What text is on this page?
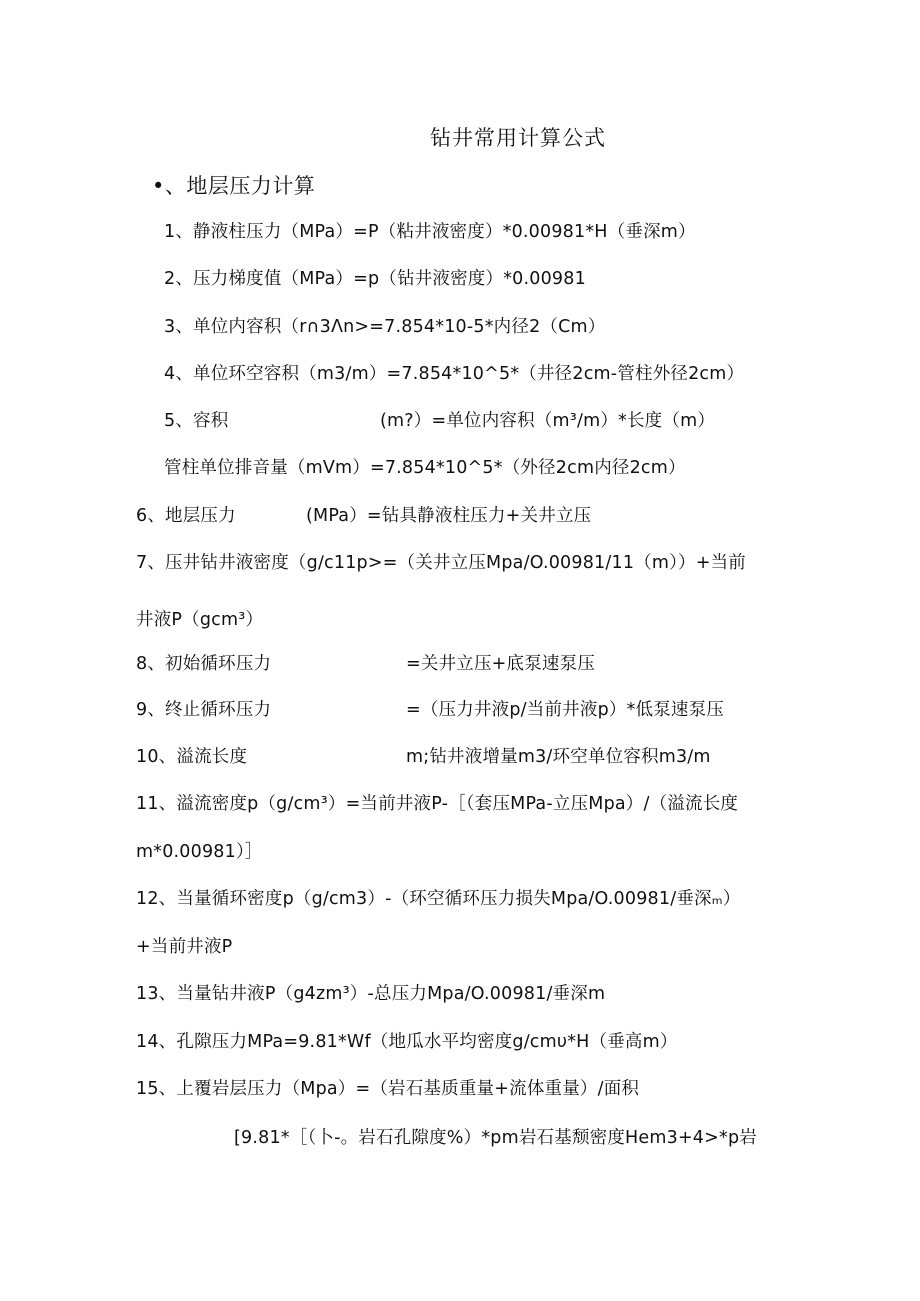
钻井常用计算公式
•、地层压力计算
1、静液柱压力（MPa）=P（粘井液密度）*0.00981*H（垂深m）
2、压力梯度值（MPa）=p（钻井液密度）*0.00981
3、单位内容积（r∩3Λn>=7.854*10-5*内径2（Cm）
4、单位环空容积（m3∕m）=7.854*10^5*（井径2cm-管柱外径2cm）
5、容积	(m?）=单位内容积（m³∕m）*长度（m）
管柱单位排音量（mVm）=7.854*10^5*（外径2cm内径2cm）
6、地层压力	(MPa）=钻具静液柱压力+关井立压
7、压井钻井液密度（g∕c11p>=（关井立压Mpa/O.00981/11（m））+当前
井液P（gcm³）
8、初始循环压力	=关井立压+底泵速泵压
9、终止循环压力	=（压力井液p/当前井液p）*低泵速泵压
10、溢流长度	m;钻井液增量m3/环空单位容积m3∕m
11、溢流密度p（g∕cm³）=当前井液P-［（套压MPa-立压Mpa）/（溢流长度
m*0.00981）］
12、当量循环密度p（g/cm3）-（环空循环压力损失Mpa/O.00981/垂深ₘ）
+当前井液P
13、当量钻井液P（g4zm³）-总压力Mpa/O.00981/垂深m
14、孔隙压力MPa=9.81*Wf（地瓜水平均密度g∕cmυ*H（垂高m）
15、上覆岩层压力（Mpa）=（岩石基质重量+流体重量）/面积
[9.81*［（卜-。岩石孔隙度%）*pm岩石基颓密度Hem3+4>*p岩
